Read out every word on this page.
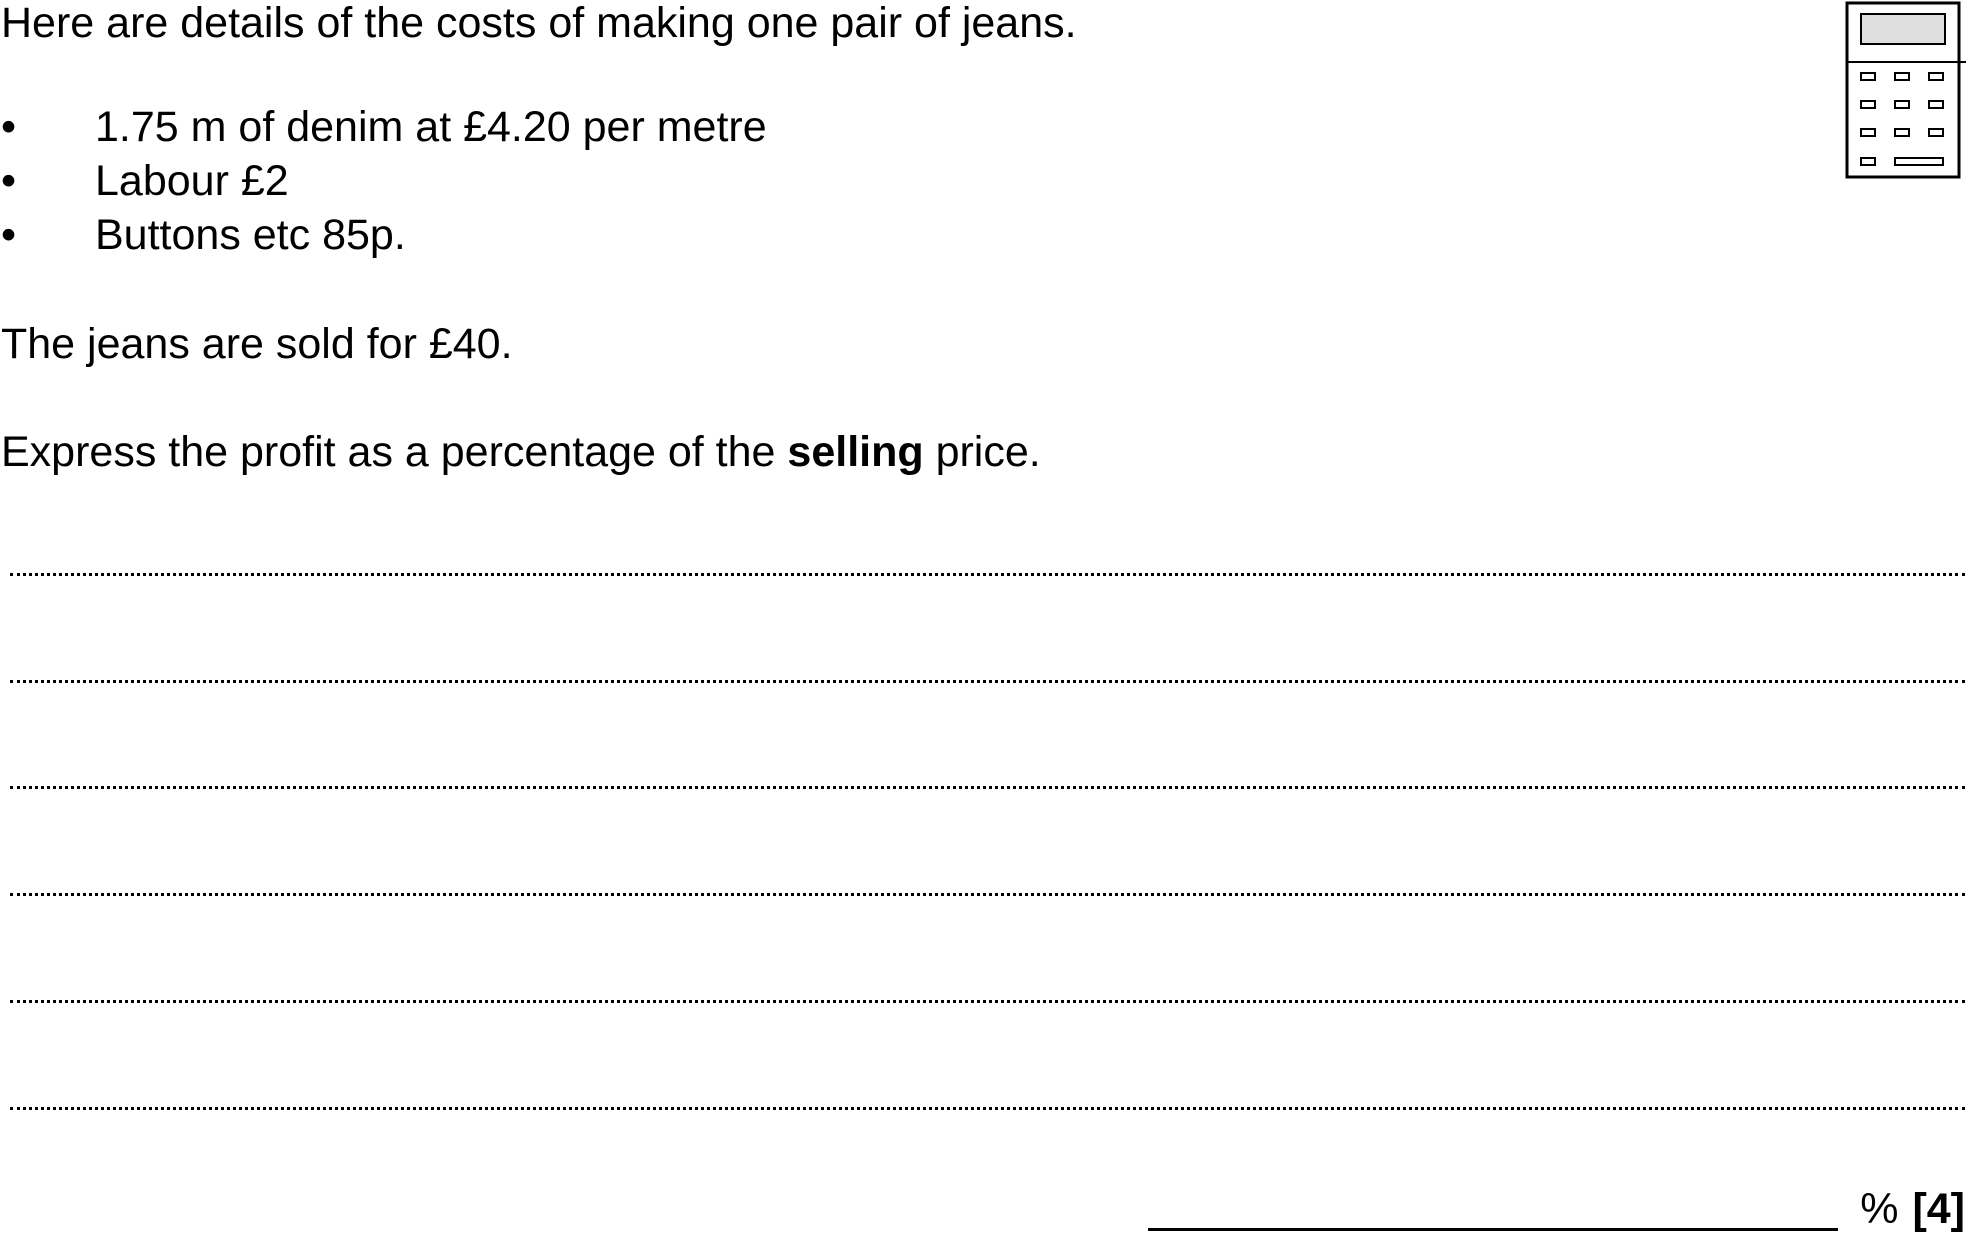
Here are details of the costs of making one pair of jeans.

• 1.75 m of denim at £4.20 per metre
• Labour £2
• Buttons etc 85p.

The jeans are sold for £40.

Express the profit as a percentage of the selling price.

% [4]
